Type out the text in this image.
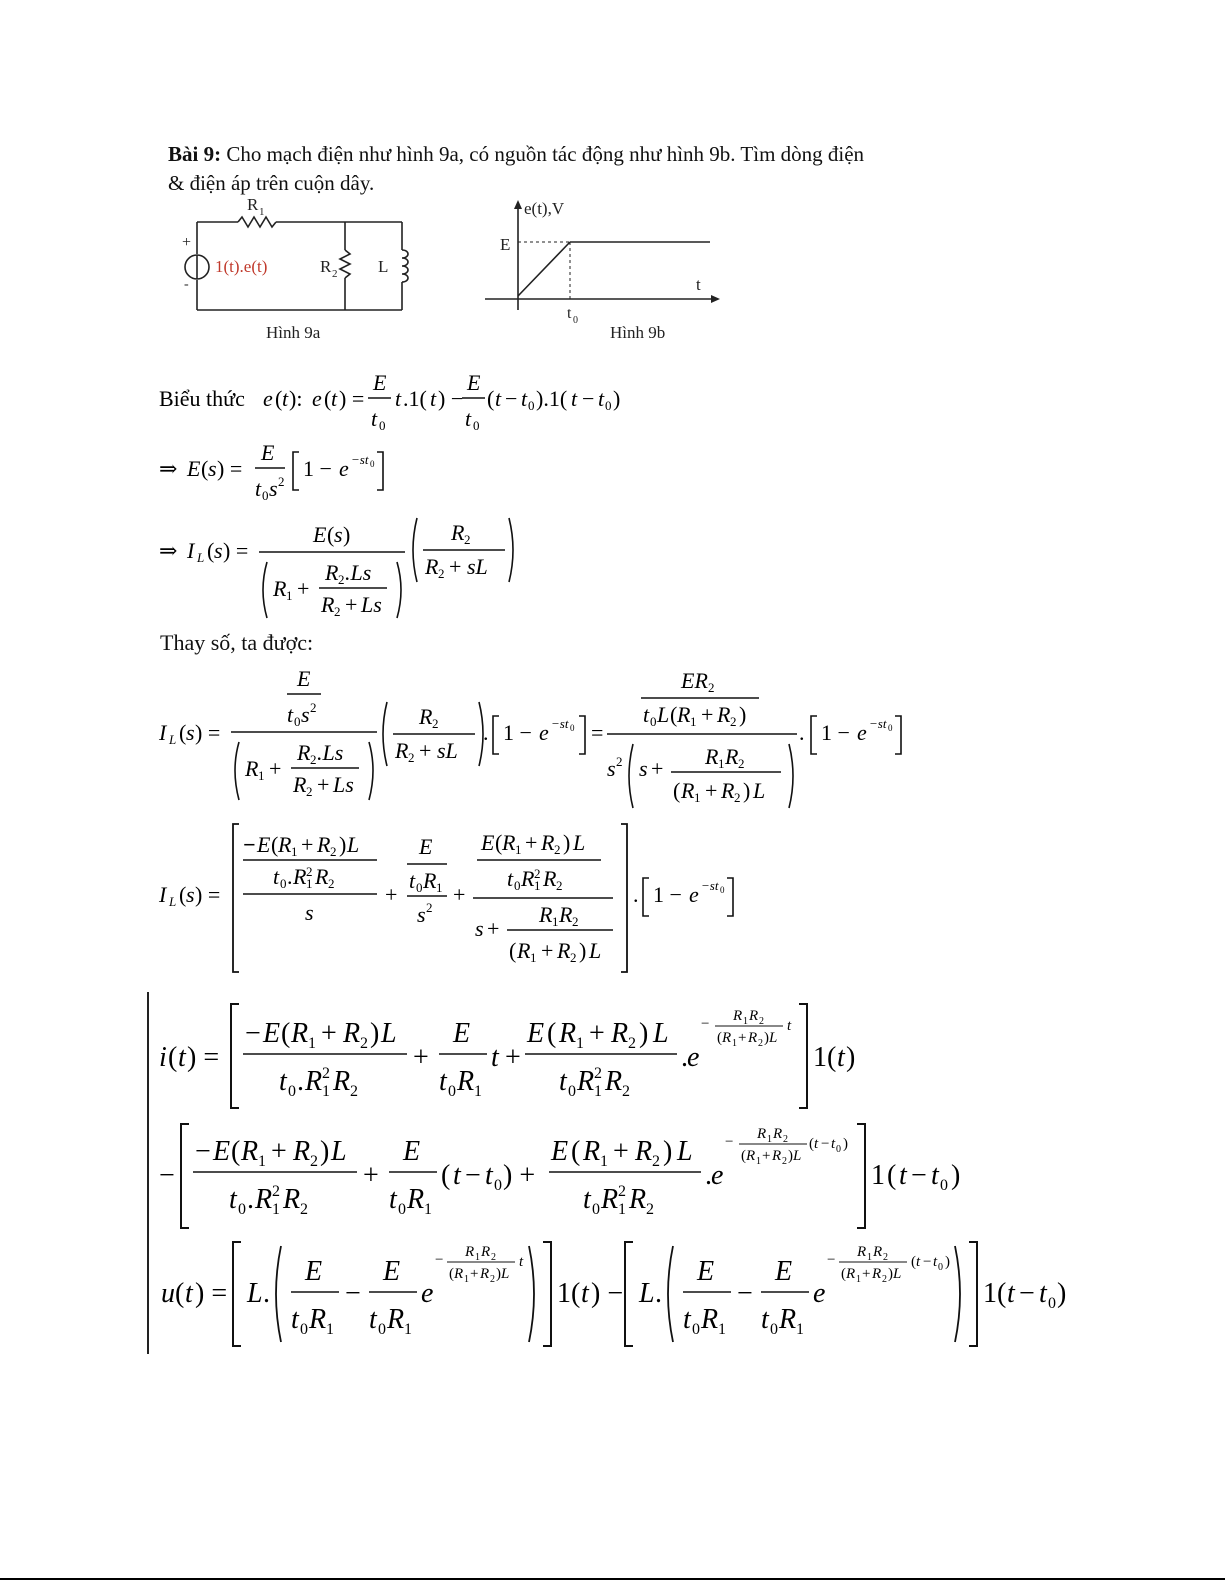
Bài 9: Cho mạch điện như hình 9a, có nguồn tác động như hình 9b. Tìm dòng điện
& điện áp trên cuộn dây.
+
-
1(t).e(t)
R 1
R 2 L
Hình 9a
e(t),V
E
t
t 0
Hình 9b
Biểu thức e ( t ): e ( t ) =
E
t 0
t .1( t ) −
E
t 0
( t − t 0 ).1( t − t 0 )
⇒ E ( s ) =
E
t 0 s 2
1 − e −st 0
⇒ I L ( s ) =
E ( s )
R 1 +
R 2 .Ls
R 2 + Ls
R 2
R 2 + sL
Thay số, ta được:
I L ( s ) =
E
t 0 s 2
R 1 +
R 2 .Ls
R 2 + Ls
R 2
R 2 + sL
. 1 − e −st 0 =
ER 2
t 0 L ( R 1 + R 2 )
s 2 s + R 1 R 2
( R 1 + R 2 ) L
. 1 − e −st 0
I L ( s ) =
− E ( R 1 + R 2 ) L
t 0 . R 1
2 R 2
s
+
E
t 0 R 1
s 2
+
E ( R 1 + R 2 ) L
t 0 R 1
2 R 2
s +
R 1 R 2
( R 1 + R 2 ) L
. 1 − e −st 0
i ( t ) =
− E ( R 1 + R 2 ) L
t 0 . R 1
2 R 2
+
E
t 0 R 1
t +
E ( R 1 + R 2 ) L
t 0 R 1
2 R 2
. e
− R 1 R 2
( R 1 + R 2 ) L
t
1( t )
−
− E ( R 1 + R 2 ) L
t 0 . R 1
2 R 2
+
E
t 0 R 1
( t − t 0 ) +
E ( R 1 + R 2 ) L
t 0 R 1
2 R 2
. e
− R 1 R 2
( R 1 + R 2 ) L
( t − t 0 )
1 ( t − t 0 )
u ( t ) = L .
E
t 0 R 1
−
E
t 0 R 1
e
− R 1 R 2
( R 1 + R 2 ) L
t
1( t ) − L .
E
t 0 R 1
−
E
t 0 R 1
e
− R 1 R 2
( R 1 + R 2 ) L
( t − t 0 )
1( t − t 0 )
